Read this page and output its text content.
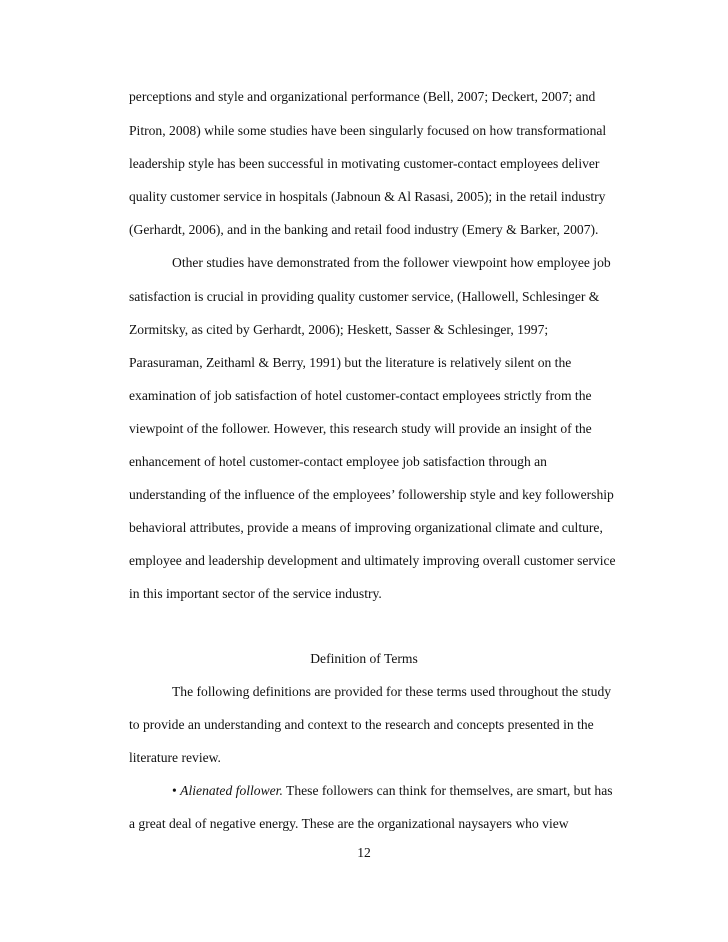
perceptions and style and organizational performance (Bell, 2007; Deckert, 2007; and

Pitron, 2008) while some studies have been singularly focused on how transformational

leadership style has been successful in motivating customer-contact employees deliver

quality customer service in hospitals (Jabnoun & Al Rasasi, 2005); in the retail industry

(Gerhardt, 2006), and in the banking and retail food industry (Emery & Barker, 2007).

Other studies have demonstrated from the follower viewpoint how employee job

satisfaction is crucial in providing quality customer service, (Hallowell, Schlesinger &

Zormitsky, as cited by Gerhardt, 2006); Heskett, Sasser & Schlesinger, 1997;

Parasuraman, Zeithaml & Berry, 1991) but the literature is relatively silent on the

examination of job satisfaction of hotel customer-contact employees strictly from the

viewpoint of the follower. However, this research study will provide an insight of the

enhancement of hotel customer-contact employee job satisfaction through an

understanding of the influence of the employees’ followership style and key followership

behavioral attributes, provide a means of improving organizational climate and culture,

employee and leadership development and ultimately improving overall customer service

in this important sector of the service industry.

Definition of Terms

The following definitions are provided for these terms used throughout the study

to provide an understanding and context to the research and concepts presented in the

literature review.

• Alienated follower. These followers can think for themselves, are smart, but has

a great deal of negative energy. These are the organizational naysayers who view

12
